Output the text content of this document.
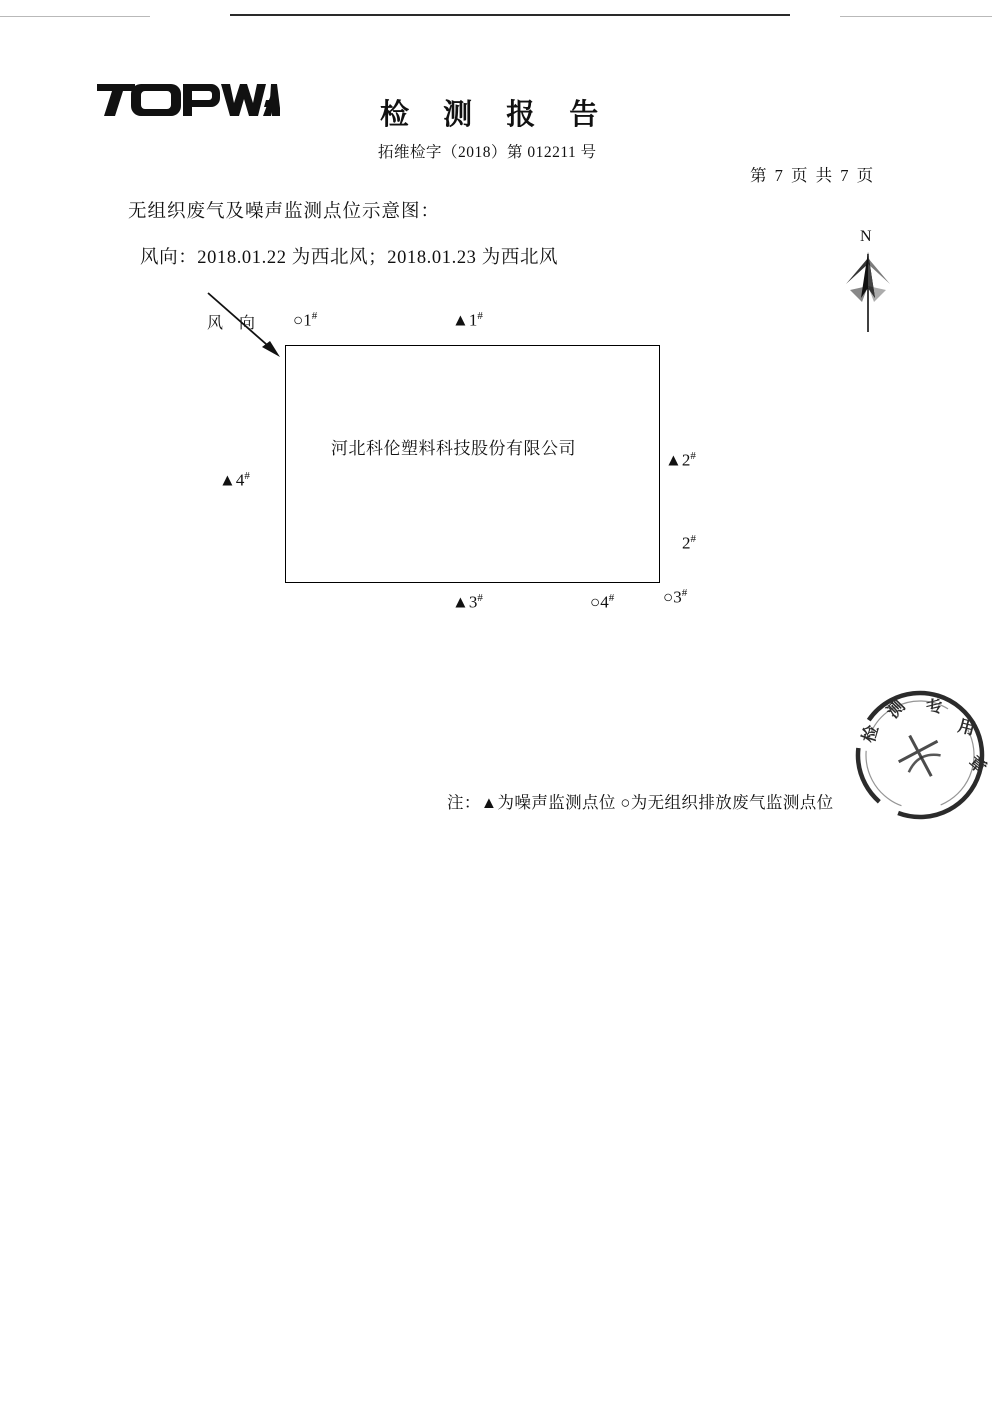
检 测 报 告
拓维检字（2018）第 012211 号
第 7 页 共 7 页
无组织废气及噪声监测点位示意图：
风向：2018.01.22 为西北风；2018.01.23 为西北风
N
河北科伦塑料科技股份有限公司
风 向 ○1#	▲1#
▲4#
▲2#
2#
▲3#	○4#	○3#
注：▲为噪声监测点位 ○为无组织排放废气监测点位
检
测 专
用
章
